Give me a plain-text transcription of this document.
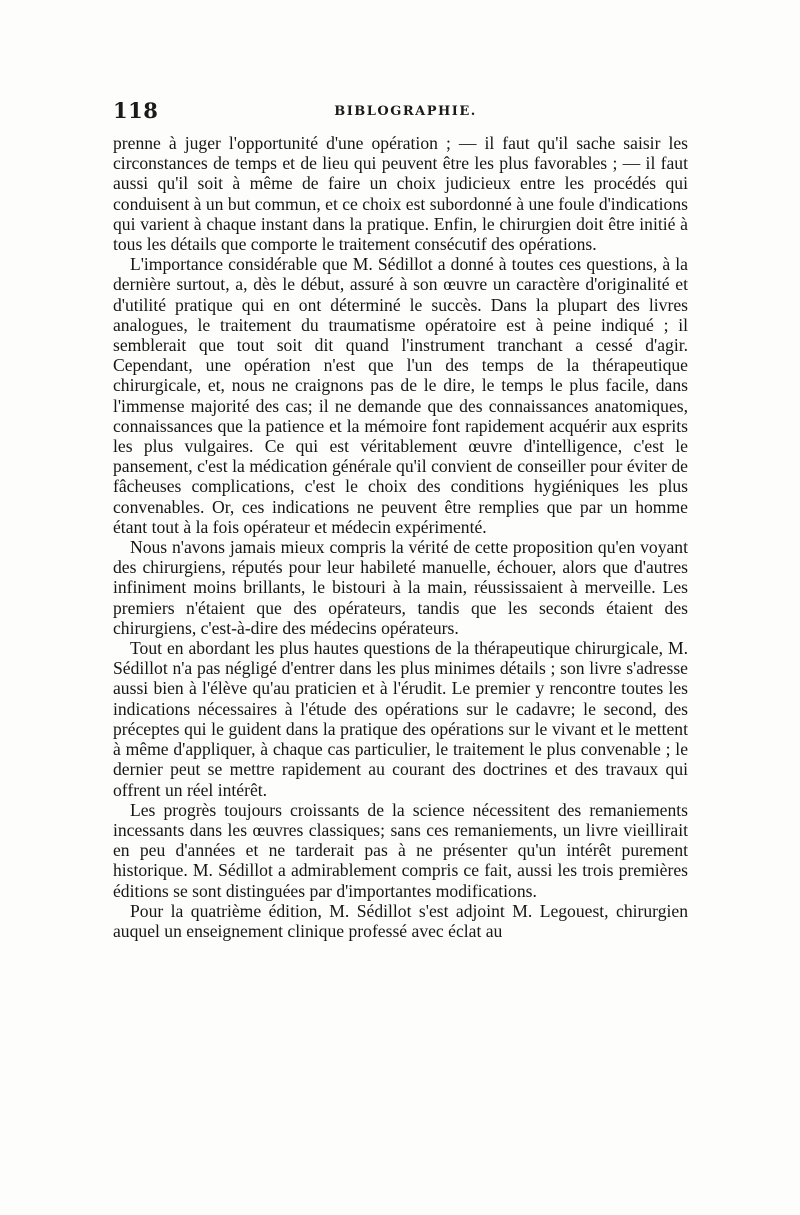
118	BIBLOGRAPHIE.

prenne à juger l'opportunité d'une opération ; — il faut qu'il sache saisir les circonstances de temps et de lieu qui peuvent être les plus favorables ; — il faut aussi qu'il soit à même de faire un choix judicieux entre les procédés qui conduisent à un but commun, et ce choix est subordonné à une foule d'indications qui varient à chaque instant dans la pratique. Enfin, le chirurgien doit être initié à tous les détails que comporte le traitement consécutif des opérations.

L'importance considérable que M. Sédillot a donné à toutes ces questions, à la dernière surtout, a, dès le début, assuré à son œuvre un caractère d'originalité et d'utilité pratique qui en ont déterminé le succès. Dans la plupart des livres analogues, le traitement du traumatisme opératoire est à peine indiqué ; il semblerait que tout soit dit quand l'instrument tranchant a cessé d'agir. Cependant, une opération n'est que l'un des temps de la thérapeutique chirurgicale, et, nous ne craignons pas de le dire, le temps le plus facile, dans l'immense majorité des cas; il ne demande que des connaissances anatomiques, connaissances que la patience et la mémoire font rapidement acquérir aux esprits les plus vulgaires. Ce qui est véritablement œuvre d'intelligence, c'est le pansement, c'est la médication générale qu'il convient de conseiller pour éviter de fâcheuses complications, c'est le choix des conditions hygiéniques les plus convenables. Or, ces indications ne peuvent être remplies que par un homme étant tout à la fois opérateur et médecin expérimenté.

Nous n'avons jamais mieux compris la vérité de cette proposition qu'en voyant des chirurgiens, réputés pour leur habileté manuelle, échouer, alors que d'autres infiniment moins brillants, le bistouri à la main, réussissaient à merveille. Les premiers n'étaient que des opérateurs, tandis que les seconds étaient des chirurgiens, c'est-à-dire des médecins opérateurs.

Tout en abordant les plus hautes questions de la thérapeutique chirurgicale, M. Sédillot n'a pas négligé d'entrer dans les plus minimes détails ; son livre s'adresse aussi bien à l'élève qu'au praticien et à l'érudit. Le premier y rencontre toutes les indications nécessaires à l'étude des opérations sur le cadavre; le second, des préceptes qui le guident dans la pratique des opérations sur le vivant et le mettent à même d'appliquer, à chaque cas particulier, le traitement le plus convenable ; le dernier peut se mettre rapidement au courant des doctrines et des travaux qui offrent un réel intérêt.

Les progrès toujours croissants de la science nécessitent des remaniements incessants dans les œuvres classiques; sans ces remaniements, un livre vieillirait en peu d'années et ne tarderait pas à ne présenter qu'un intérêt purement historique. M. Sédillot a admirablement compris ce fait, aussi les trois premières éditions se sont distinguées par d'importantes modifications.

Pour la quatrième édition, M. Sédillot s'est adjoint M. Legouest, chirurgien auquel un enseignement clinique professé avec éclat au
